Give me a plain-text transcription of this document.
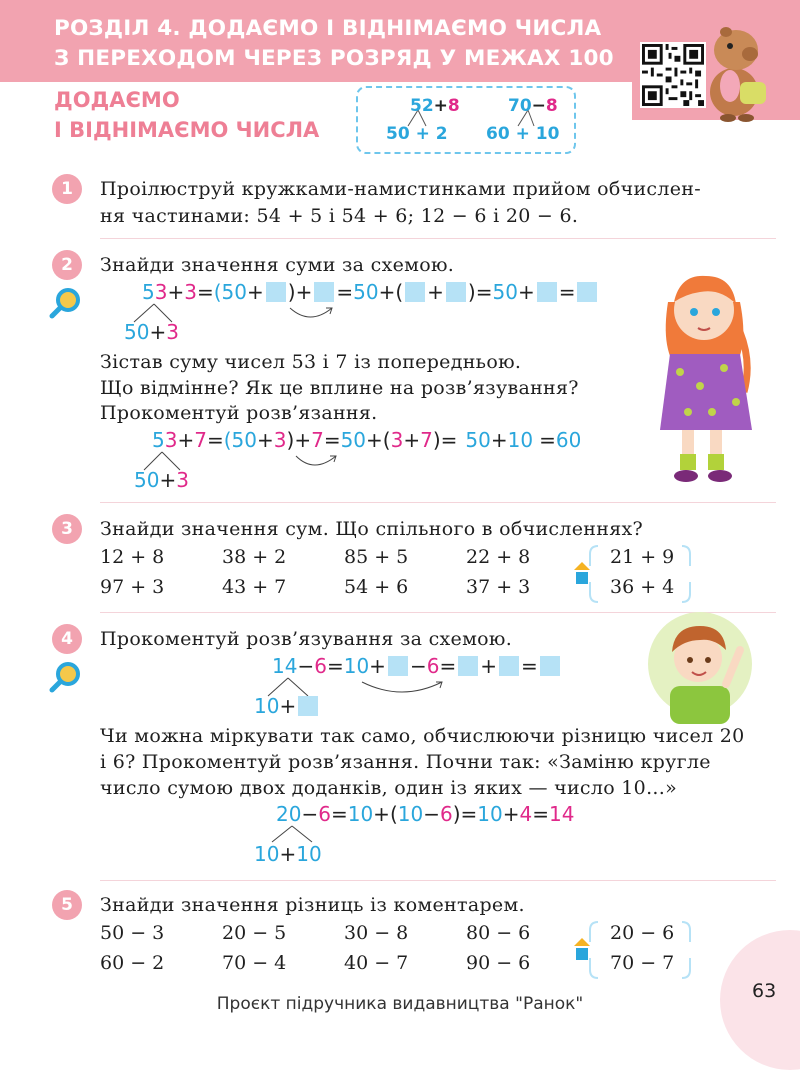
РОЗДІЛ 4. ДОДАЄМО І ВІДНІМАЄМО ЧИСЛА
З ПЕРЕХОДОМ ЧЕРЕЗ РОЗРЯД У МЕЖАХ 100
ДОДАЄМО
І ВІДНІМАЄМО ЧИСЛА
52+8
50 + 2
70−8
60 + 10
1	Проілюструй кружками-намистинками прийом обчислен-
ня частинами: 54 + 5 і 54 + 6; 12 − 6 і 20 − 6.
2	Знайди значення суми за схемою.
5 3 + 3 = (50 + ) + = 50 + ( + ) = 50 + =
50 + 3
Зістав суму чисел 53 і 7 із попередньою.
Що відмінне? Як це вплине на розв’язування?
Прокоментуй розв’язання.
5 3 + 7 = (50 + 3 ) + 7 = 50 + ( 3 + 7 ) = 50 + 10 = 60
50 + 3
3	Знайди значення сум. Що спільного в обчисленнях?
12 + 8	38 + 2	85 + 5	22 + 8	21 + 9
97 + 3	43 + 7	54 + 6	37 + 3	36 + 4
4	Прокоментуй розв’язування за схемою.
14 − 6 = 10 + − 6 = + =
10 +
Чи можна міркувати так само, обчислюючи різницю чисел 20
і 6? Прокоментуй розв’язання. Почни так: «Заміню кругле
число сумою двох доданків, один із яких — число 10...»
20 − 6 = 10 + ( 10 − 6 ) = 10 + 4 = 14
10 + 10
5	Знайди значення різниць із коментарем.
50 − 3	20 − 5	30 − 8	80 − 6	20 − 6
60 − 2	70 − 4	40 − 7	90 − 6	70 − 7
63
Проєкт підручника видавництва "Ранок"
